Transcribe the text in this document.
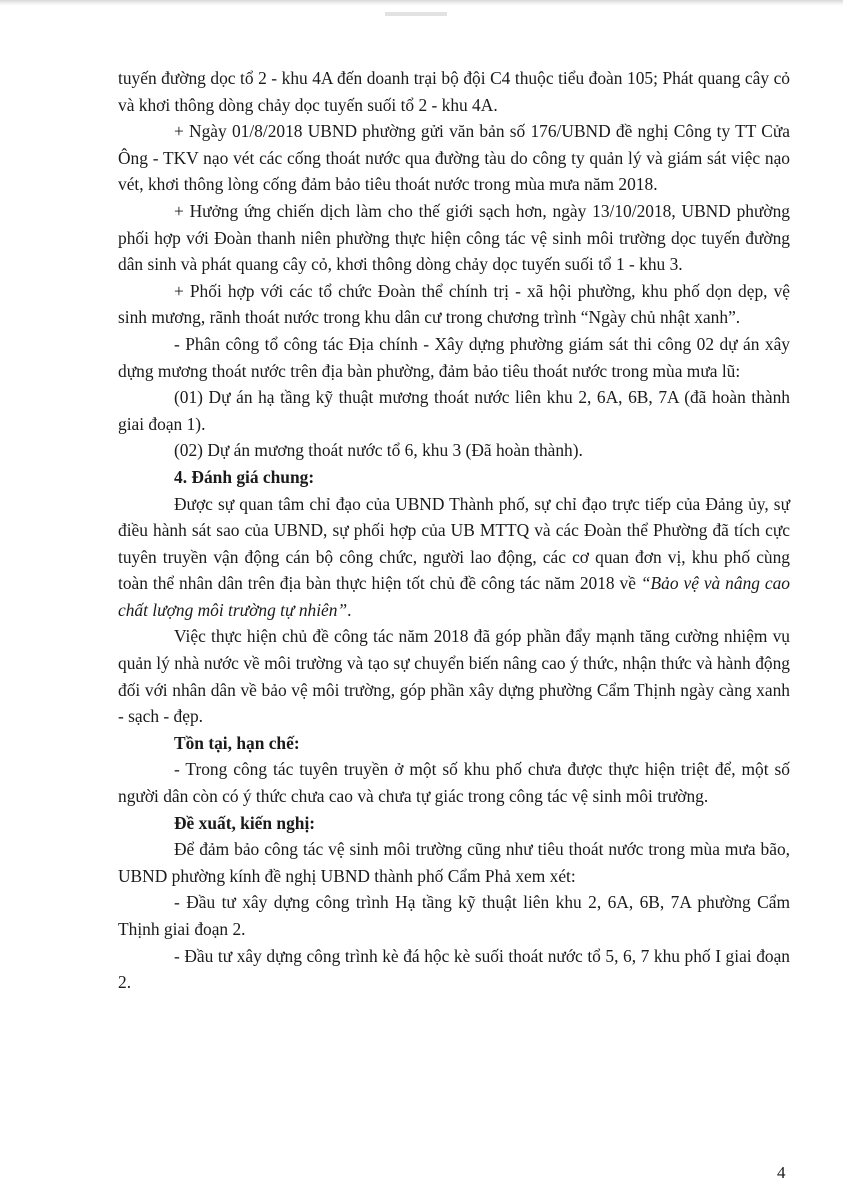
tuyến đường dọc tổ 2 - khu 4A đến doanh trại bộ đội C4 thuộc tiểu đoàn 105; Phát quang cây cỏ và khơi thông dòng chảy dọc tuyến suối tổ 2 - khu 4A.

+ Ngày 01/8/2018 UBND phường gửi văn bản số 176/UBND đề nghị Công ty TT Cửa Ông - TKV nạo vét các cống thoát nước qua đường tàu do công ty quản lý và giám sát việc nạo vét, khơi thông lòng cống đảm bảo tiêu thoát nước trong mùa mưa năm 2018.

+ Hưởng ứng chiến dịch làm cho thế giới sạch hơn, ngày 13/10/2018, UBND phường phối hợp với Đoàn thanh niên phường thực hiện công tác vệ sinh môi trường dọc tuyến đường dân sinh và phát quang cây cỏ, khơi thông dòng chảy dọc tuyến suối tổ 1 - khu 3.

+ Phối hợp với các tổ chức Đoàn thể chính trị - xã hội phường, khu phố dọn dẹp, vệ sinh mương, rãnh thoát nước trong khu dân cư trong chương trình “Ngày chủ nhật xanh”.

- Phân công tổ công tác Địa chính - Xây dựng phường giám sát thi công 02 dự án xây dựng mương thoát nước trên địa bàn phường, đảm bảo tiêu thoát nước trong mùa mưa lũ:

(01) Dự án hạ tầng kỹ thuật mương thoát nước liên khu 2, 6A, 6B, 7A (đã hoàn thành giai đoạn 1).

(02) Dự án mương thoát nước tổ 6, khu 3 (Đã hoàn thành).

4. Đánh giá chung:

Được sự quan tâm chỉ đạo của UBND Thành phố, sự chỉ đạo trực tiếp của Đảng ủy, sự điều hành sát sao của UBND, sự phối hợp của UB MTTQ và các Đoàn thể Phường đã tích cực tuyên truyền vận động cán bộ công chức, người lao động, các cơ quan đơn vị, khu phố cùng toàn thể nhân dân trên địa bàn thực hiện tốt chủ đề công tác năm 2018 về “Bảo vệ và nâng cao chất lượng môi trường tự nhiên”.

Việc thực hiện chủ đề công tác năm 2018 đã góp phần đẩy mạnh tăng cường nhiệm vụ quản lý nhà nước về môi trường và tạo sự chuyển biến nâng cao ý thức, nhận thức và hành động đối với nhân dân về bảo vệ môi trường, góp phần xây dựng phường Cẩm Thịnh ngày càng xanh - sạch - đẹp.

Tồn tại, hạn chế:

- Trong công tác tuyên truyền ở một số khu phố chưa được thực hiện triệt để, một số người dân còn có ý thức chưa cao và chưa tự giác trong công tác vệ sinh môi trường.

Đề xuất, kiến nghị:

Để đảm bảo công tác vệ sinh môi trường cũng như tiêu thoát nước trong mùa mưa bão, UBND phường kính đề nghị UBND thành phố Cẩm Phả xem xét:

- Đầu tư xây dựng công trình Hạ tầng kỹ thuật liên khu 2, 6A, 6B, 7A phường Cẩm Thịnh giai đoạn 2.

- Đầu tư xây dựng công trình kè đá hộc kè suối thoát nước tổ 5, 6, 7 khu phố I giai đoạn 2.

4
